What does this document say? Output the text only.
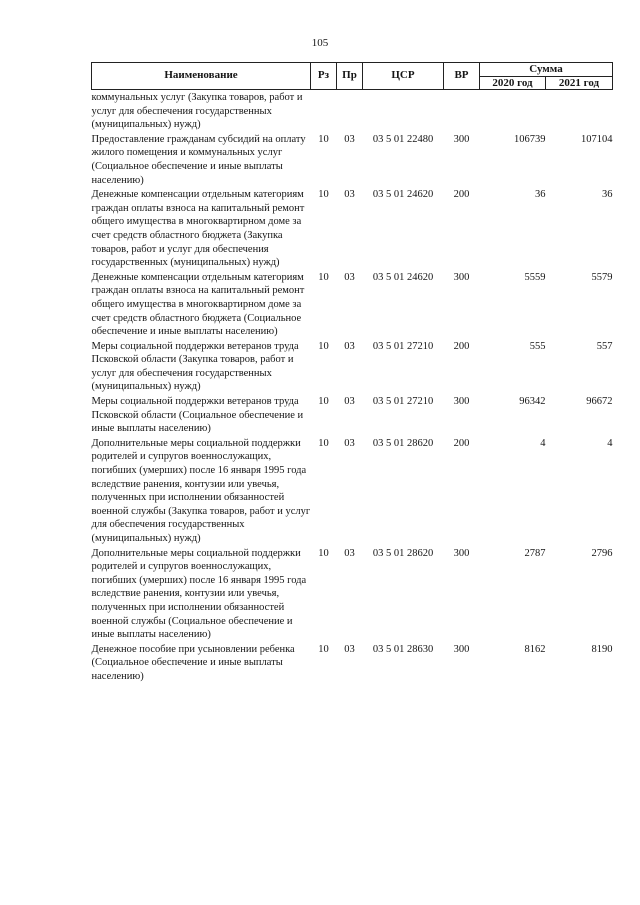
105
Наименование	Рз	Пр	ЦСР	ВР	Сумма	
					2020 год	2021 год
коммунальных услуг (Закупка товаров, работ и услуг для обеспечения государственных (муниципальных) нужд)						
Предоставление гражданам субсидий на оплату жилого помещения и коммунальных услуг (Социальное обеспечение и иные выплаты населению)	10	03	03 5 01 22480	300	106739	107104
Денежные компенсации отдельным категориям граждан оплаты взноса на капитальный ремонт общего имущества в многоквартирном доме за счет средств областного бюджета (Закупка товаров, работ и услуг для обеспечения государственных (муниципальных) нужд)	10	03	03 5 01 24620	200	36	36
Денежные компенсации отдельным категориям граждан оплаты взноса на капитальный ремонт общего имущества в многоквартирном доме за счет средств областного бюджета (Социальное обеспечение и иные выплаты населению)	10	03	03 5 01 24620	300	5559	5579
Меры социальной поддержки ветеранов труда Псковской области (Закупка товаров, работ и услуг для обеспечения государственных (муниципальных) нужд)	10	03	03 5 01 27210	200	555	557
Меры социальной поддержки ветеранов труда Псковской области (Социальное обеспечение и иные выплаты населению)	10	03	03 5 01 27210	300	96342	96672
Дополнительные меры социальной поддержки родителей и супругов военнослужащих, погибших (умерших) после 16 января 1995 года вследствие ранения, контузии или увечья, полученных при исполнении обязанностей военной службы (Закупка товаров, работ и услуг для обеспечения государственных (муниципальных) нужд)	10	03	03 5 01 28620	200	4	4
Дополнительные меры социальной поддержки родителей и супругов военнослужащих, погибших (умерших) после 16 января 1995 года вследствие ранения, контузии или увечья, полученных при исполнении обязанностей военной службы (Социальное обеспечение и иные выплаты населению)	10	03	03 5 01 28620	300	2787	2796
Денежное пособие при усыновлении ребенка (Социальное обеспечение и иные выплаты населению)	10	03	03 5 01 28630	300	8162	8190
